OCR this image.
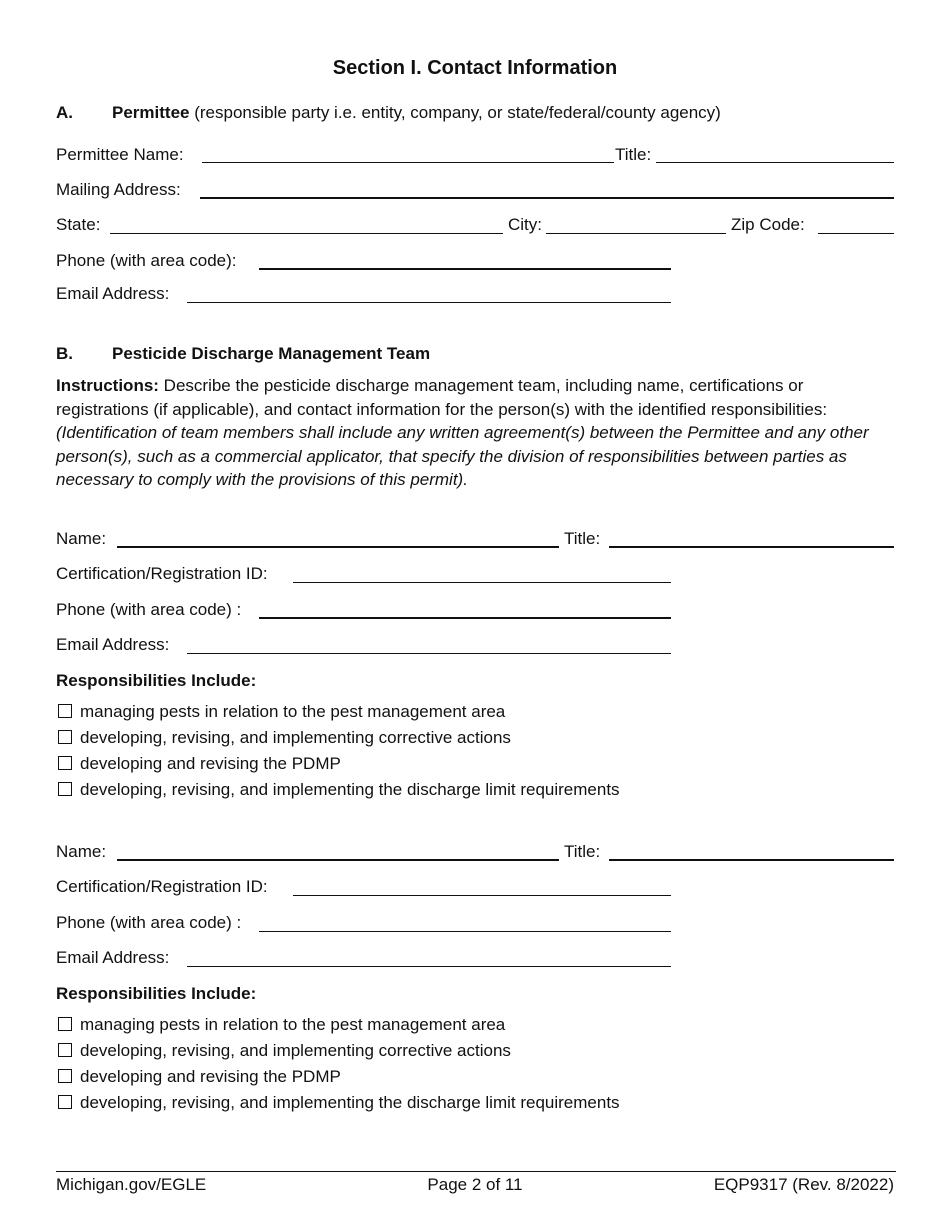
Section I. Contact Information
A. Permittee (responsible party i.e. entity, company, or state/federal/county agency)
Permittee Name:	Title:
Mailing Address:
State:	City:	Zip Code:
Phone (with area code):
Email Address:
B. Pesticide Discharge Management Team
Instructions: Describe the pesticide discharge management team, including name, certifications or registrations (if applicable), and contact information for the person(s) with the identified responsibilities: (Identification of team members shall include any written agreement(s) between the Permittee and any other person(s), such as a commercial applicator, that specify the division of responsibilities between parties as necessary to comply with the provisions of this permit).
Name:	Title:
Certification/Registration ID:
Phone (with area code) :
Email Address:
Responsibilities Include:
managing pests in relation to the pest management area
developing, revising, and implementing corrective actions
developing and revising the PDMP
developing, revising, and implementing the discharge limit requirements
Name:	Title:
Certification/Registration ID:
Phone (with area code) :
Email Address:
Responsibilities Include:
managing pests in relation to the pest management area
developing, revising, and implementing corrective actions
developing and revising the PDMP
developing, revising, and implementing the discharge limit requirements
Michigan.gov/EGLE	Page 2 of 11	EQP9317 (Rev. 8/2022)
